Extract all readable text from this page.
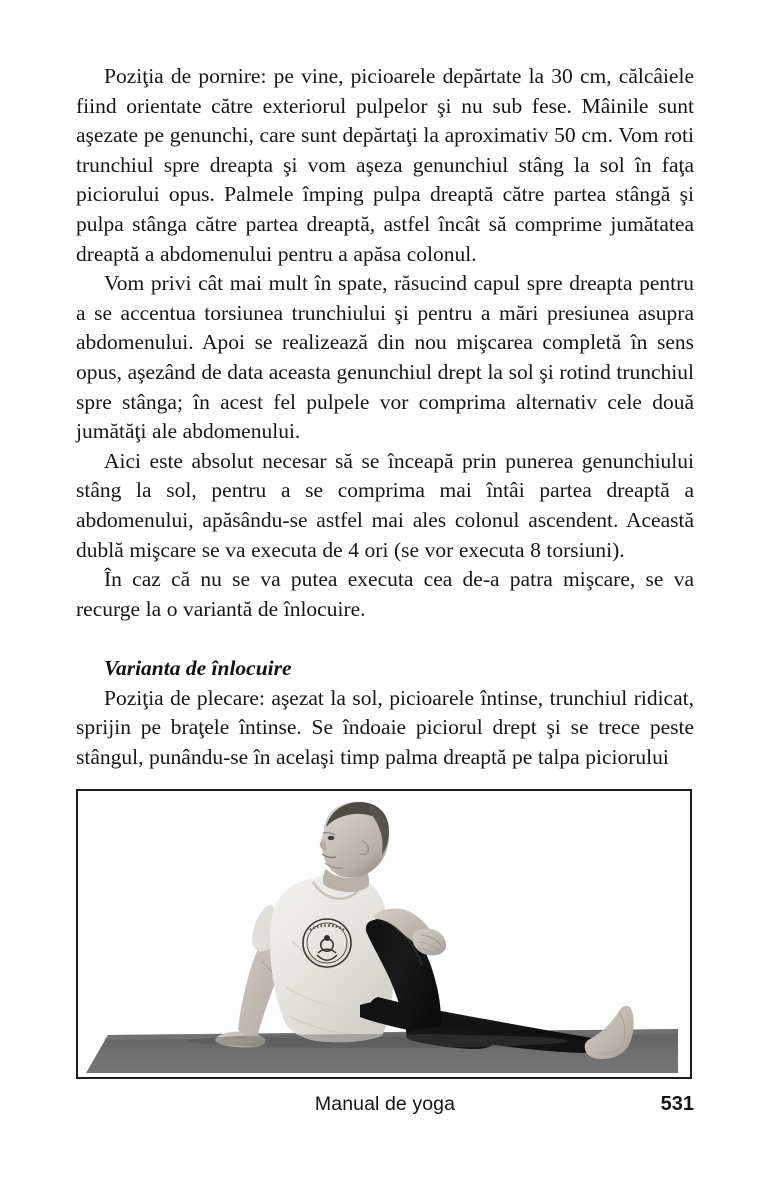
Poziţia de pornire: pe vine, picioarele depărtate la 30 cm, călcâiele fiind orientate către exteriorul pulpelor şi nu sub fese. Mâinile sunt aşezate pe genunchi, care sunt depărtaţi la aproximativ 50 cm. Vom roti trunchiul spre dreapta şi vom aşeza genunchiul stâng la sol în faţa piciorului opus. Palmele împing pulpa dreaptă către partea stângă şi pulpa stânga către partea dreaptă, astfel încât să comprime jumătatea dreaptă a abdomenului pentru a apăsa colonul.

Vom privi cât mai mult în spate, răsucind capul spre dreapta pentru a se accentua torsiunea trunchiului şi pentru a mări presiunea asupra abdomenului. Apoi se realizează din nou mişcarea completă în sens opus, aşezând de data aceasta genunchiul drept la sol şi rotind trunchiul spre stânga; în acest fel pulpele vor comprima alternativ cele două jumătăţi ale abdomenului.

Aici este absolut necesar să se înceapă prin punerea genunchiului stâng la sol, pentru a se comprima mai întâi partea dreaptă a abdomenului, apăsându-se astfel mai ales colonul ascendent. Această dublă mişcare se va executa de 4 ori (se vor executa 8 torsiuni).

În caz că nu se va putea executa cea de-a patra mişcare, se va recurge la o variantă de înlocuire.

Varianta de înlocuire

Poziţia de plecare: aşezat la sol, picioarele întinse, trunchiul ridicat, sprijin pe braţele întinse. Se îndoaie piciorul drept şi se trece peste stângul, punându-se în acelaşi timp palma dreaptă pe talpa piciorului

Manual de yoga	531
